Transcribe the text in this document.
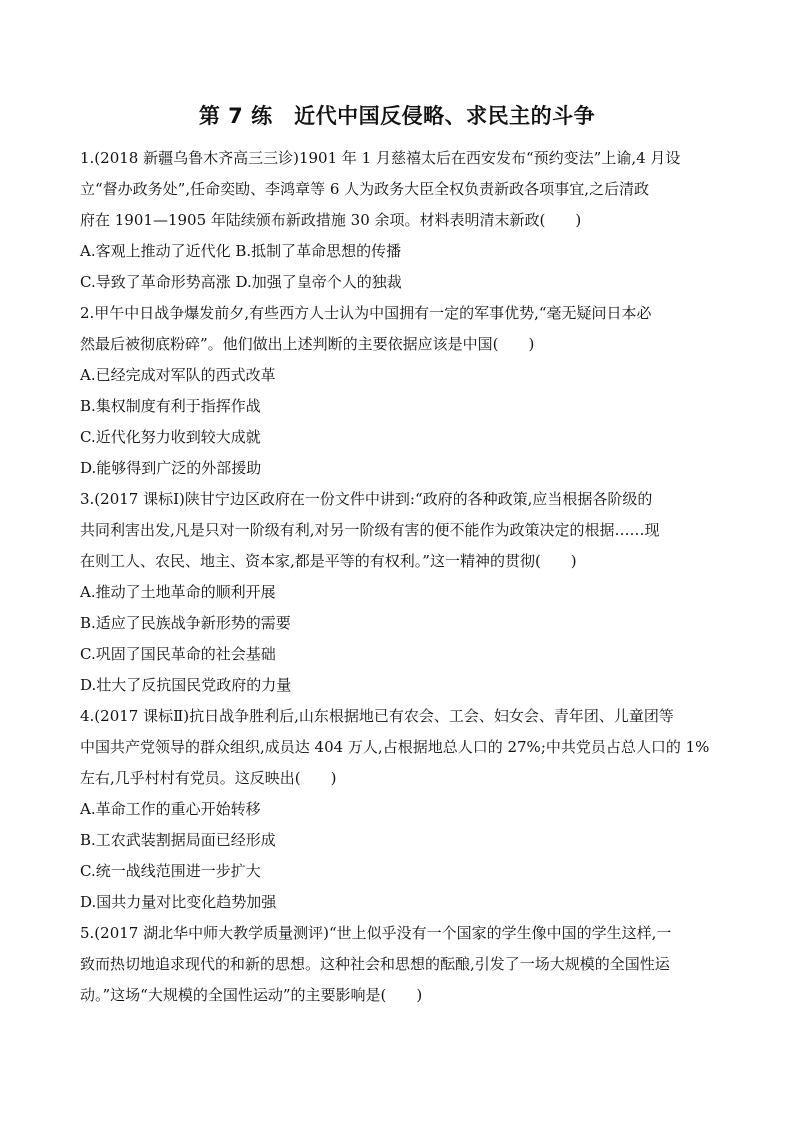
第 7 练　近代中国反侵略、求民主的斗争
1.(2018 新疆乌鲁木齐高三三诊)1901 年 1 月慈禧太后在西安发布“预约变法”上谕,4 月设
立“督办政务处”,任命奕劻、李鸿章等 6 人为政务大臣全权负责新政各项事宜,之后清政
府在 1901—1905 年陆续颁布新政措施 30 余项。材料表明清末新政(　　)
A.客观上推动了近代化 B.抵制了革命思想的传播
C.导致了革命形势高涨 D.加强了皇帝个人的独裁
2.甲午中日战争爆发前夕,有些西方人士认为中国拥有一定的军事优势,“毫无疑问日本必
然最后被彻底粉碎”。他们做出上述判断的主要依据应该是中国(　　)
A.已经完成对军队的西式改革
B.集权制度有利于指挥作战
C.近代化努力收到较大成就
D.能够得到广泛的外部援助
3.(2017 课标Ⅰ)陕甘宁边区政府在一份文件中讲到:“政府的各种政策,应当根据各阶级的
共同利害出发,凡是只对一阶级有利,对另一阶级有害的便不能作为政策决定的根据……现
在则工人、农民、地主、资本家,都是平等的有权利。”这一精神的贯彻(　　)
A.推动了土地革命的顺利开展
B.适应了民族战争新形势的需要
C.巩固了国民革命的社会基础
D.壮大了反抗国民党政府的力量
4.(2017 课标Ⅱ)抗日战争胜利后,山东根据地已有农会、工会、妇女会、青年团、儿童团等
中国共产党领导的群众组织,成员达 404 万人,占根据地总人口的 27%;中共党员占总人口的 1%
左右,几乎村村有党员。这反映出(　　)
A.革命工作的重心开始转移
B.工农武装割据局面已经形成
C.统一战线范围进一步扩大
D.国共力量对比变化趋势加强
5.(2017 湖北华中师大教学质量测评)“世上似乎没有一个国家的学生像中国的学生这样,一
致而热切地追求现代的和新的思想。这种社会和思想的酝酿,引发了一场大规模的全国性运
动。”这场“大规模的全国性运动”的主要影响是(　　)
